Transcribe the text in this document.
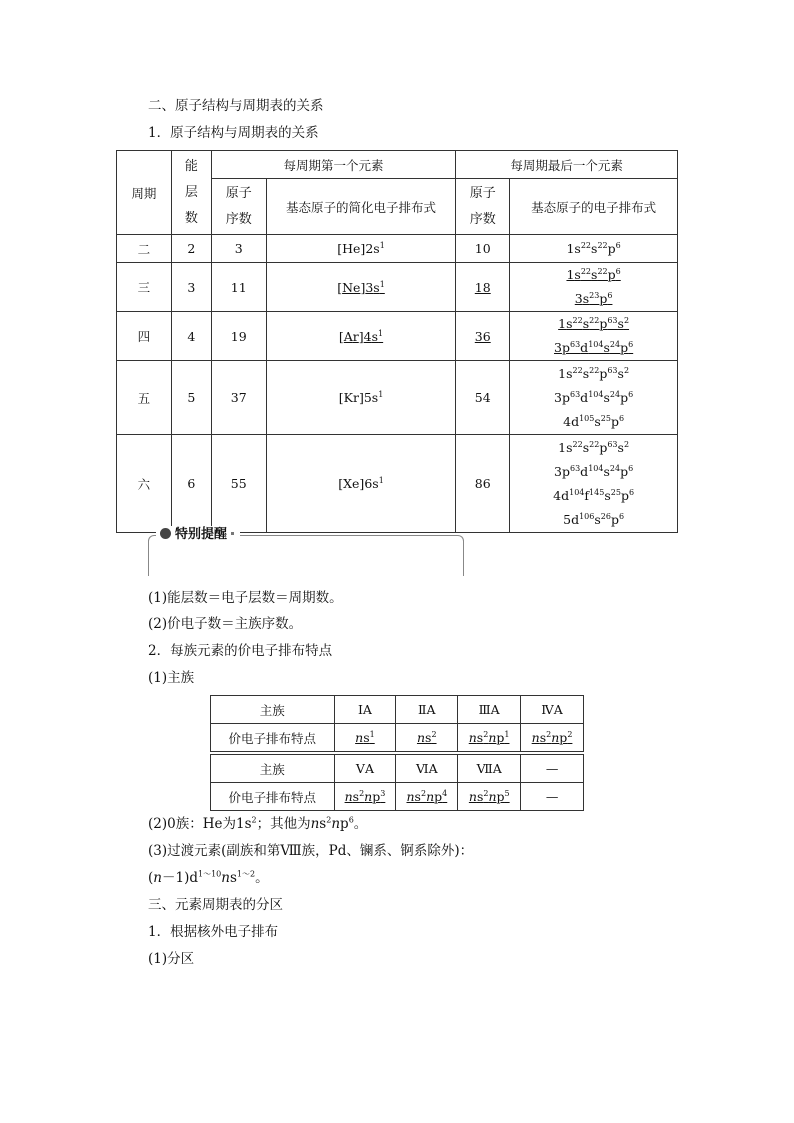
二、原子结构与周期表的关系
1．原子结构与周期表的关系
周期	能层数	每周期第一个元素		每周期最后一个元素	

		原子序数	基态原子的简化电子排布式	原子序数	基态原子的电子排布式
二	2	3	$[He]2s^1$	10	$1s^{22}s^{22}p^6$

三	3	11	$[Ne]3s^1$	18	$1s^{22}s^{22}p^6$
$3s^{23}p^6$

四	4	19	$[Ar]4s^1$	36	$1s^{22}s^{22}p^{63}s^2$
$3p^{63}d^{104}s^{24}p^6$

五	5	37	$[Kr]5s^1$	54	$1s^{22}s^{22}p^{63}s^2$
$3p^{63}d^{104}s^{24}p^6$
$4d^{105}s^{25}p^6$

六	6	55	$[Xe]6s^1$	86	$1s^{22}s^{22}p^{63}s^2$
$3p^{63}d^{104}s^{24}p^6$
$4d^{104}f^{145}s^{25}p^6$
$5d^{106}s^{26}p^6$
特别提醒
(1)能层数＝电子层数＝周期数。
(2)价电子数＝主族序数。
2．每族元素的价电子排布特点
(1)主族
主族	ⅠA	ⅡA	ⅢA	ⅣA
价电子排布特点	$ns^1$	$ns^2$	$ns^2np^1$	$ns^2np^2$
主族	ⅤA	ⅥA	ⅦA	—
价电子排布特点	$ns^2np^3$	$ns^2np^4$	$ns^2np^5$	—
(2)0族：He为$1s^2$；其他为$ns^2np^6$。
(3)过渡元素(副族和第Ⅷ族，Pd、镧系、锕系除外)：
$(n-1)d^{1\sim 10}ns^{1\sim 2}$。
三、元素周期表的分区
1．根据核外电子排布
(1)分区
